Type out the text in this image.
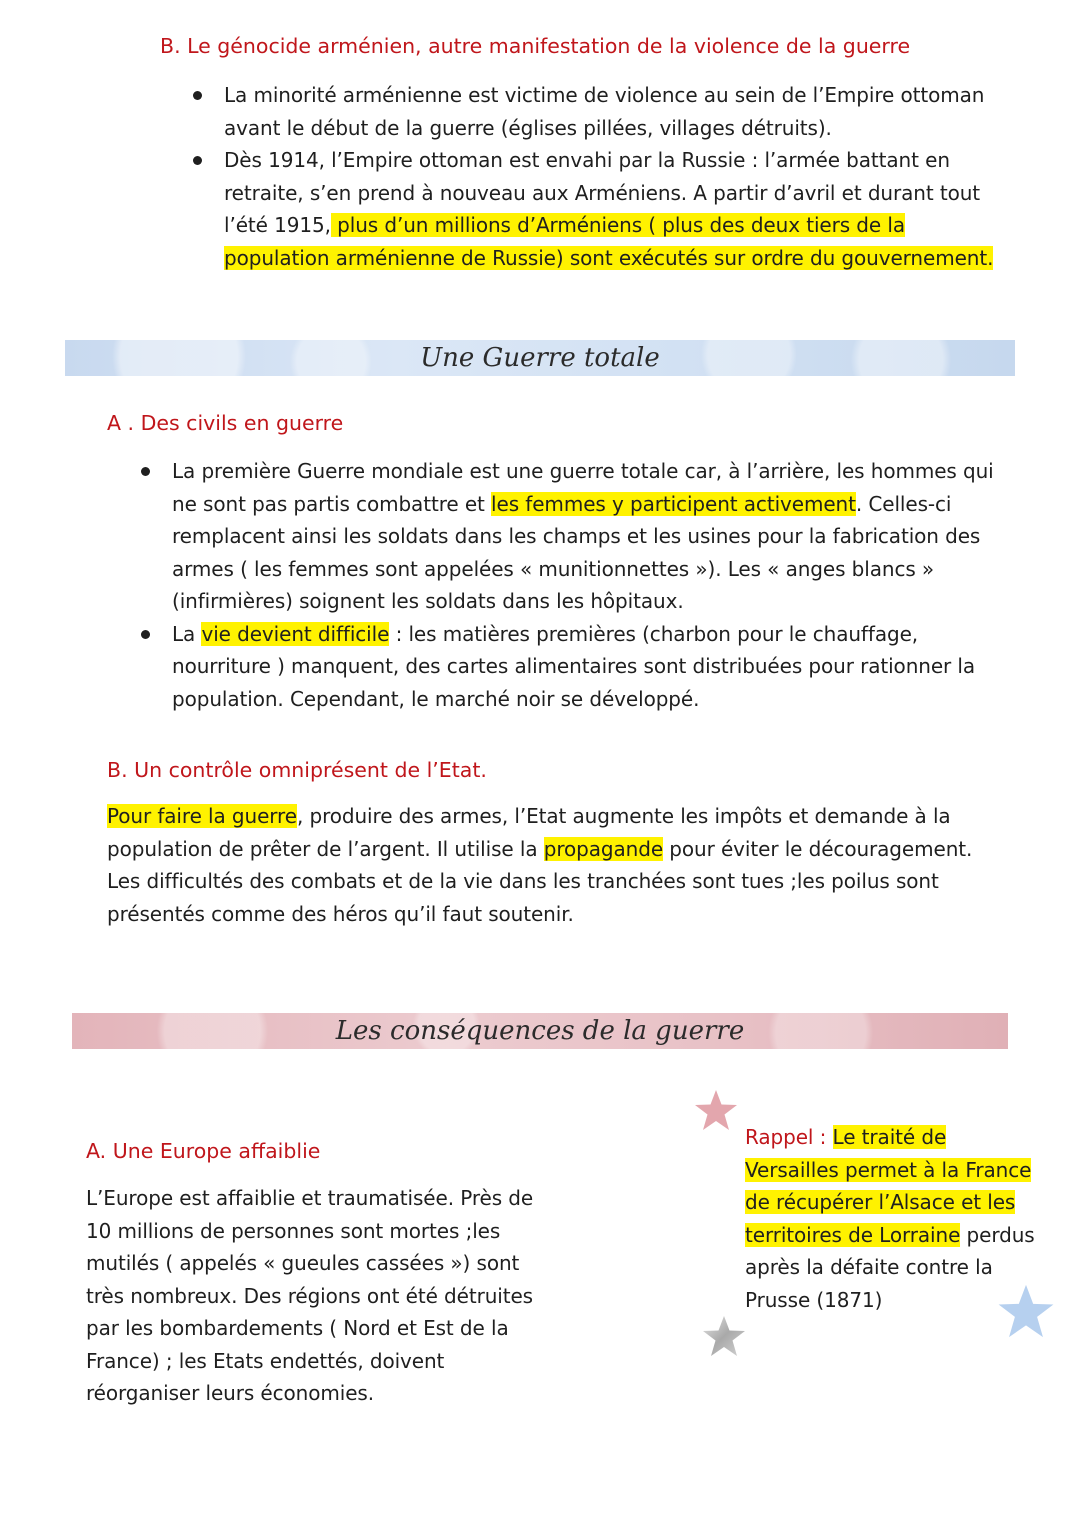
B. Le génocide arménien, autre manifestation de la violence de la guerre
La minorité arménienne est victime de violence au sein de l’Empire ottoman avant le début de la guerre (églises pillées, villages détruits).
Dès 1914, l’Empire ottoman est envahi par la Russie : l’armée battant en retraite, s’en prend à nouveau aux Arméniens. A partir d’avril et durant tout l’été 1915, plus d’un millions d’Arméniens ( plus des deux tiers de la population arménienne de Russie) sont exécutés sur ordre du gouvernement.
Une Guerre totale
A . Des civils en guerre
La première Guerre mondiale est une guerre totale car, à l’arrière, les hommes qui ne sont pas partis combattre et les femmes y participent activement. Celles-ci remplacent ainsi les soldats dans les champs et les usines pour la fabrication des armes ( les femmes sont appelées « munitionnettes »). Les « anges blancs » (infirmières) soignent les soldats dans les hôpitaux.
La vie devient difficile : les matières premières (charbon pour le chauffage, nourriture ) manquent, des cartes alimentaires sont distribuées pour rationner la population. Cependant, le marché noir se développé.
B. Un contrôle omniprésent de l’Etat.
Pour faire la guerre, produire des armes, l’Etat augmente les impôts et demande à la population de prêter de l’argent. Il utilise la propagande pour éviter le découragement. Les difficultés des combats et de la vie dans les tranchées sont tues ;les poilus sont présentés comme des héros qu’il faut soutenir.
Les conséquences de la guerre
A. Une Europe affaiblie
L’Europe est affaiblie et traumatisée. Près de 10 millions de personnes sont mortes ;les mutilés ( appelés « gueules cassées ») sont très nombreux. Des régions ont été détruites par les bombardements ( Nord et Est de la France) ; les Etats endettés, doivent réorganiser leurs économies.
Rappel : Le traité de Versailles permet à la France de récupérer l’Alsace et les territoires de Lorraine perdus après la défaite contre la Prusse (1871)
